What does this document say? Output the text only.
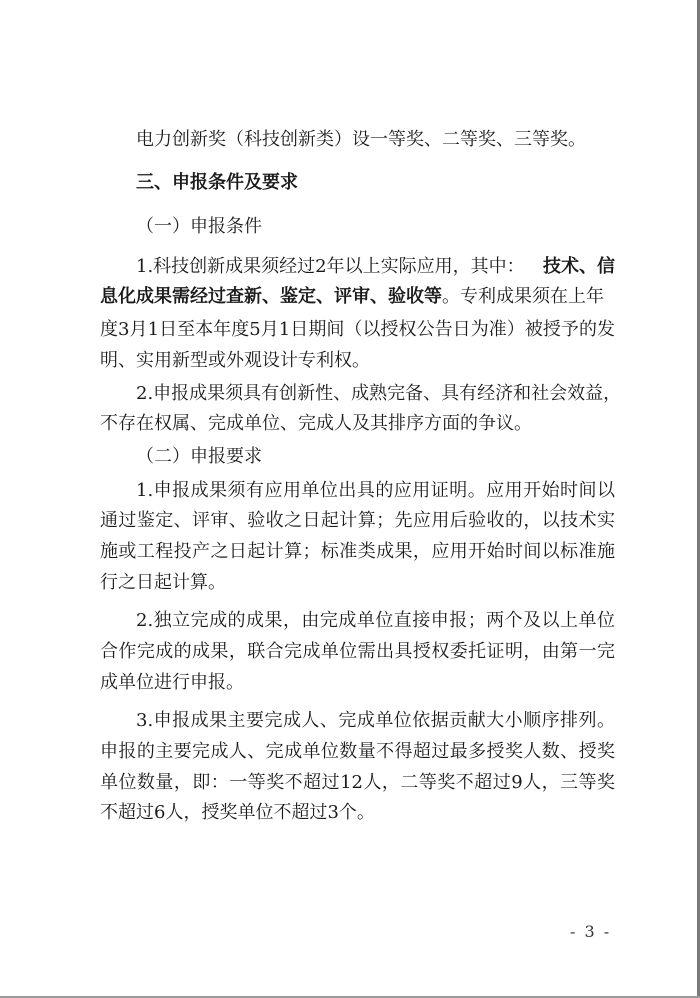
电力创新奖（科技创新类）设一等奖、二等奖、三等奖。
三、申报条件及要求
（一）申报条件
1.科技创新成果须经过2年以上实际应用，其中： 技术、信
息化成果需经过查新、鉴定、评审、验收等。专利成果须在上年
度3月1日至本年度5月1日期间（以授权公告日为准）被授予的发
明、实用新型或外观设计专利权。
2.申报成果须具有创新性、成熟完备、具有经济和社会效益，
不存在权属、完成单位、完成人及其排序方面的争议。
（二）申报要求
1.申报成果须有应用单位出具的应用证明。应用开始时间以
通过鉴定、评审、验收之日起计算；先应用后验收的，以技术实
施或工程投产之日起计算；标准类成果，应用开始时间以标准施
行之日起计算。
2.独立完成的成果，由完成单位直接申报；两个及以上单位
合作完成的成果，联合完成单位需出具授权委托证明，由第一完
成单位进行申报。
3.申报成果主要完成人、完成单位依据贡献大小顺序排列。
申报的主要完成人、完成单位数量不得超过最多授奖人数、授奖
单位数量，即：一等奖不超过12人，二等奖不超过9人，三等奖
不超过6人，授奖单位不超过3个。
- 3 -
